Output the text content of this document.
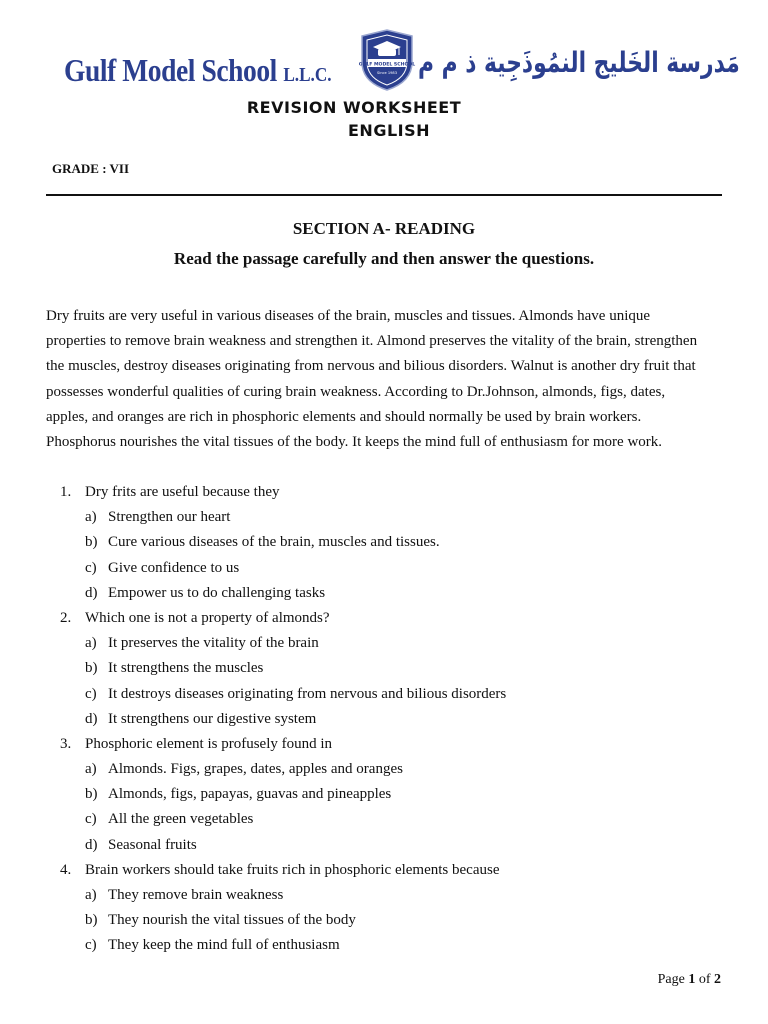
Gulf Model School L.L.C.	GULF MODEL SCHOOL
Since 1983 مَدرسة الخَليج النمُوذَجِية ذ م م
REVISION WORKSHEET
ENGLISH
GRADE : VII
SECTION A- READING
Read the passage carefully and then answer the questions.
Dry fruits are very useful in various diseases of the brain, muscles and tissues. Almonds have unique
properties to remove brain weakness and strengthen it. Almond preserves the vitality of the brain, strengthen
the muscles, destroy diseases originating from nervous and bilious disorders. Walnut is another dry fruit that
possesses wonderful qualities of curing brain weakness. According to Dr.Johnson, almonds, figs, dates,
apples, and oranges are rich in phosphoric elements and should normally be used by brain workers.
Phosphorus nourishes the vital tissues of the body. It keeps the mind full of enthusiasm for more work.
1. Dry frits are useful because they
a) Strengthen our heart
b) Cure various diseases of the brain, muscles and tissues.
c) Give confidence to us
d) Empower us to do challenging tasks
2. Which one is not a property of almonds?
a) It preserves the vitality of the brain
b) It strengthens the muscles
c) It destroys diseases originating from nervous and bilious disorders
d) It strengthens our digestive system
3. Phosphoric element is profusely found in
a) Almonds. Figs, grapes, dates, apples and oranges
b) Almonds, figs, papayas, guavas and pineapples
c) All the green vegetables
d) Seasonal fruits
4. Brain workers should take fruits rich in phosphoric elements because
a) They remove brain weakness
b) They nourish the vital tissues of the body
c) They keep the mind full of enthusiasm
Page 1 of 2
